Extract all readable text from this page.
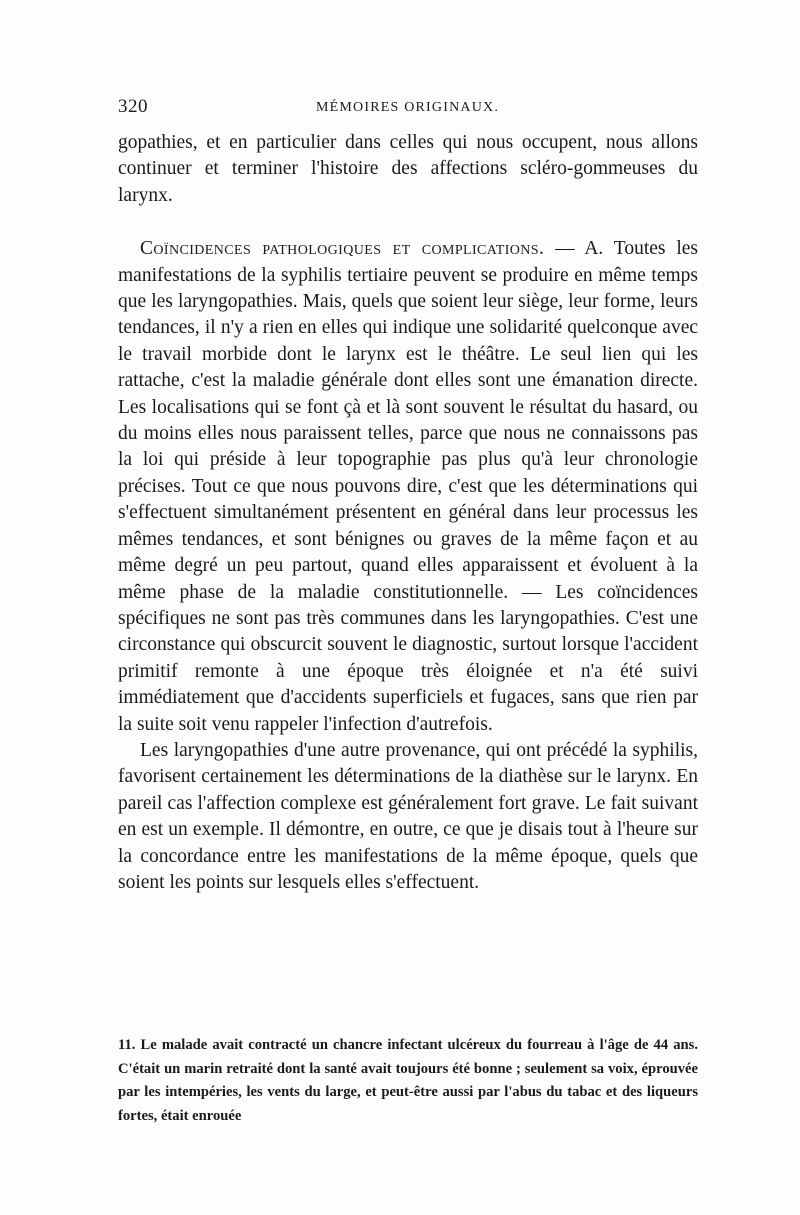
320	MÉMOIRES ORIGINAUX.

gopathies, et en particulier dans celles qui nous occupent, nous allons continuer et terminer l'histoire des affections scléro-gommeuses du larynx.

Coïncidences pathologiques et complications. — A. Toutes les manifestations de la syphilis tertiaire peuvent se produire en même temps que les laryngopathies. Mais, quels que soient leur siège, leur forme, leurs tendances, il n'y a rien en elles qui indique une solidarité quelconque avec le travail morbide dont le larynx est le théâtre. Le seul lien qui les rattache, c'est la maladie générale dont elles sont une émanation directe. Les localisations qui se font çà et là sont souvent le résultat du hasard, ou du moins elles nous paraissent telles, parce que nous ne connaissons pas la loi qui préside à leur topographie pas plus qu'à leur chronologie précises. Tout ce que nous pouvons dire, c'est que les déterminations qui s'effectuent simultanément présentent en général dans leur processus les mêmes tendances, et sont bénignes ou graves de la même façon et au même degré un peu partout, quand elles apparaissent et évoluent à la même phase de la maladie constitutionnelle. — Les coïncidences spécifiques ne sont pas très communes dans les laryngopathies. C'est une circonstance qui obscurcit souvent le diagnostic, surtout lorsque l'accident primitif remonte à une époque très éloignée et n'a été suivi immédiatement que d'accidents superficiels et fugaces, sans que rien par la suite soit venu rappeler l'infection d'autrefois.

Les laryngopathies d'une autre provenance, qui ont précédé la syphilis, favorisent certainement les déterminations de la diathèse sur le larynx. En pareil cas l'affection complexe est généralement fort grave. Le fait suivant en est un exemple. Il démontre, en outre, ce que je disais tout à l'heure sur la concordance entre les manifestations de la même époque, quels que soient les points sur lesquels elles s'effectuent.

11. Le malade avait contracté un chancre infectant ulcéreux du fourreau à l'âge de 44 ans. C'était un marin retraité dont la santé avait toujours été bonne ; seulement sa voix, éprouvée par les intempéries, les vents du large, et peut-être aussi par l'abus du tabac et des liqueurs fortes, était enrouée
